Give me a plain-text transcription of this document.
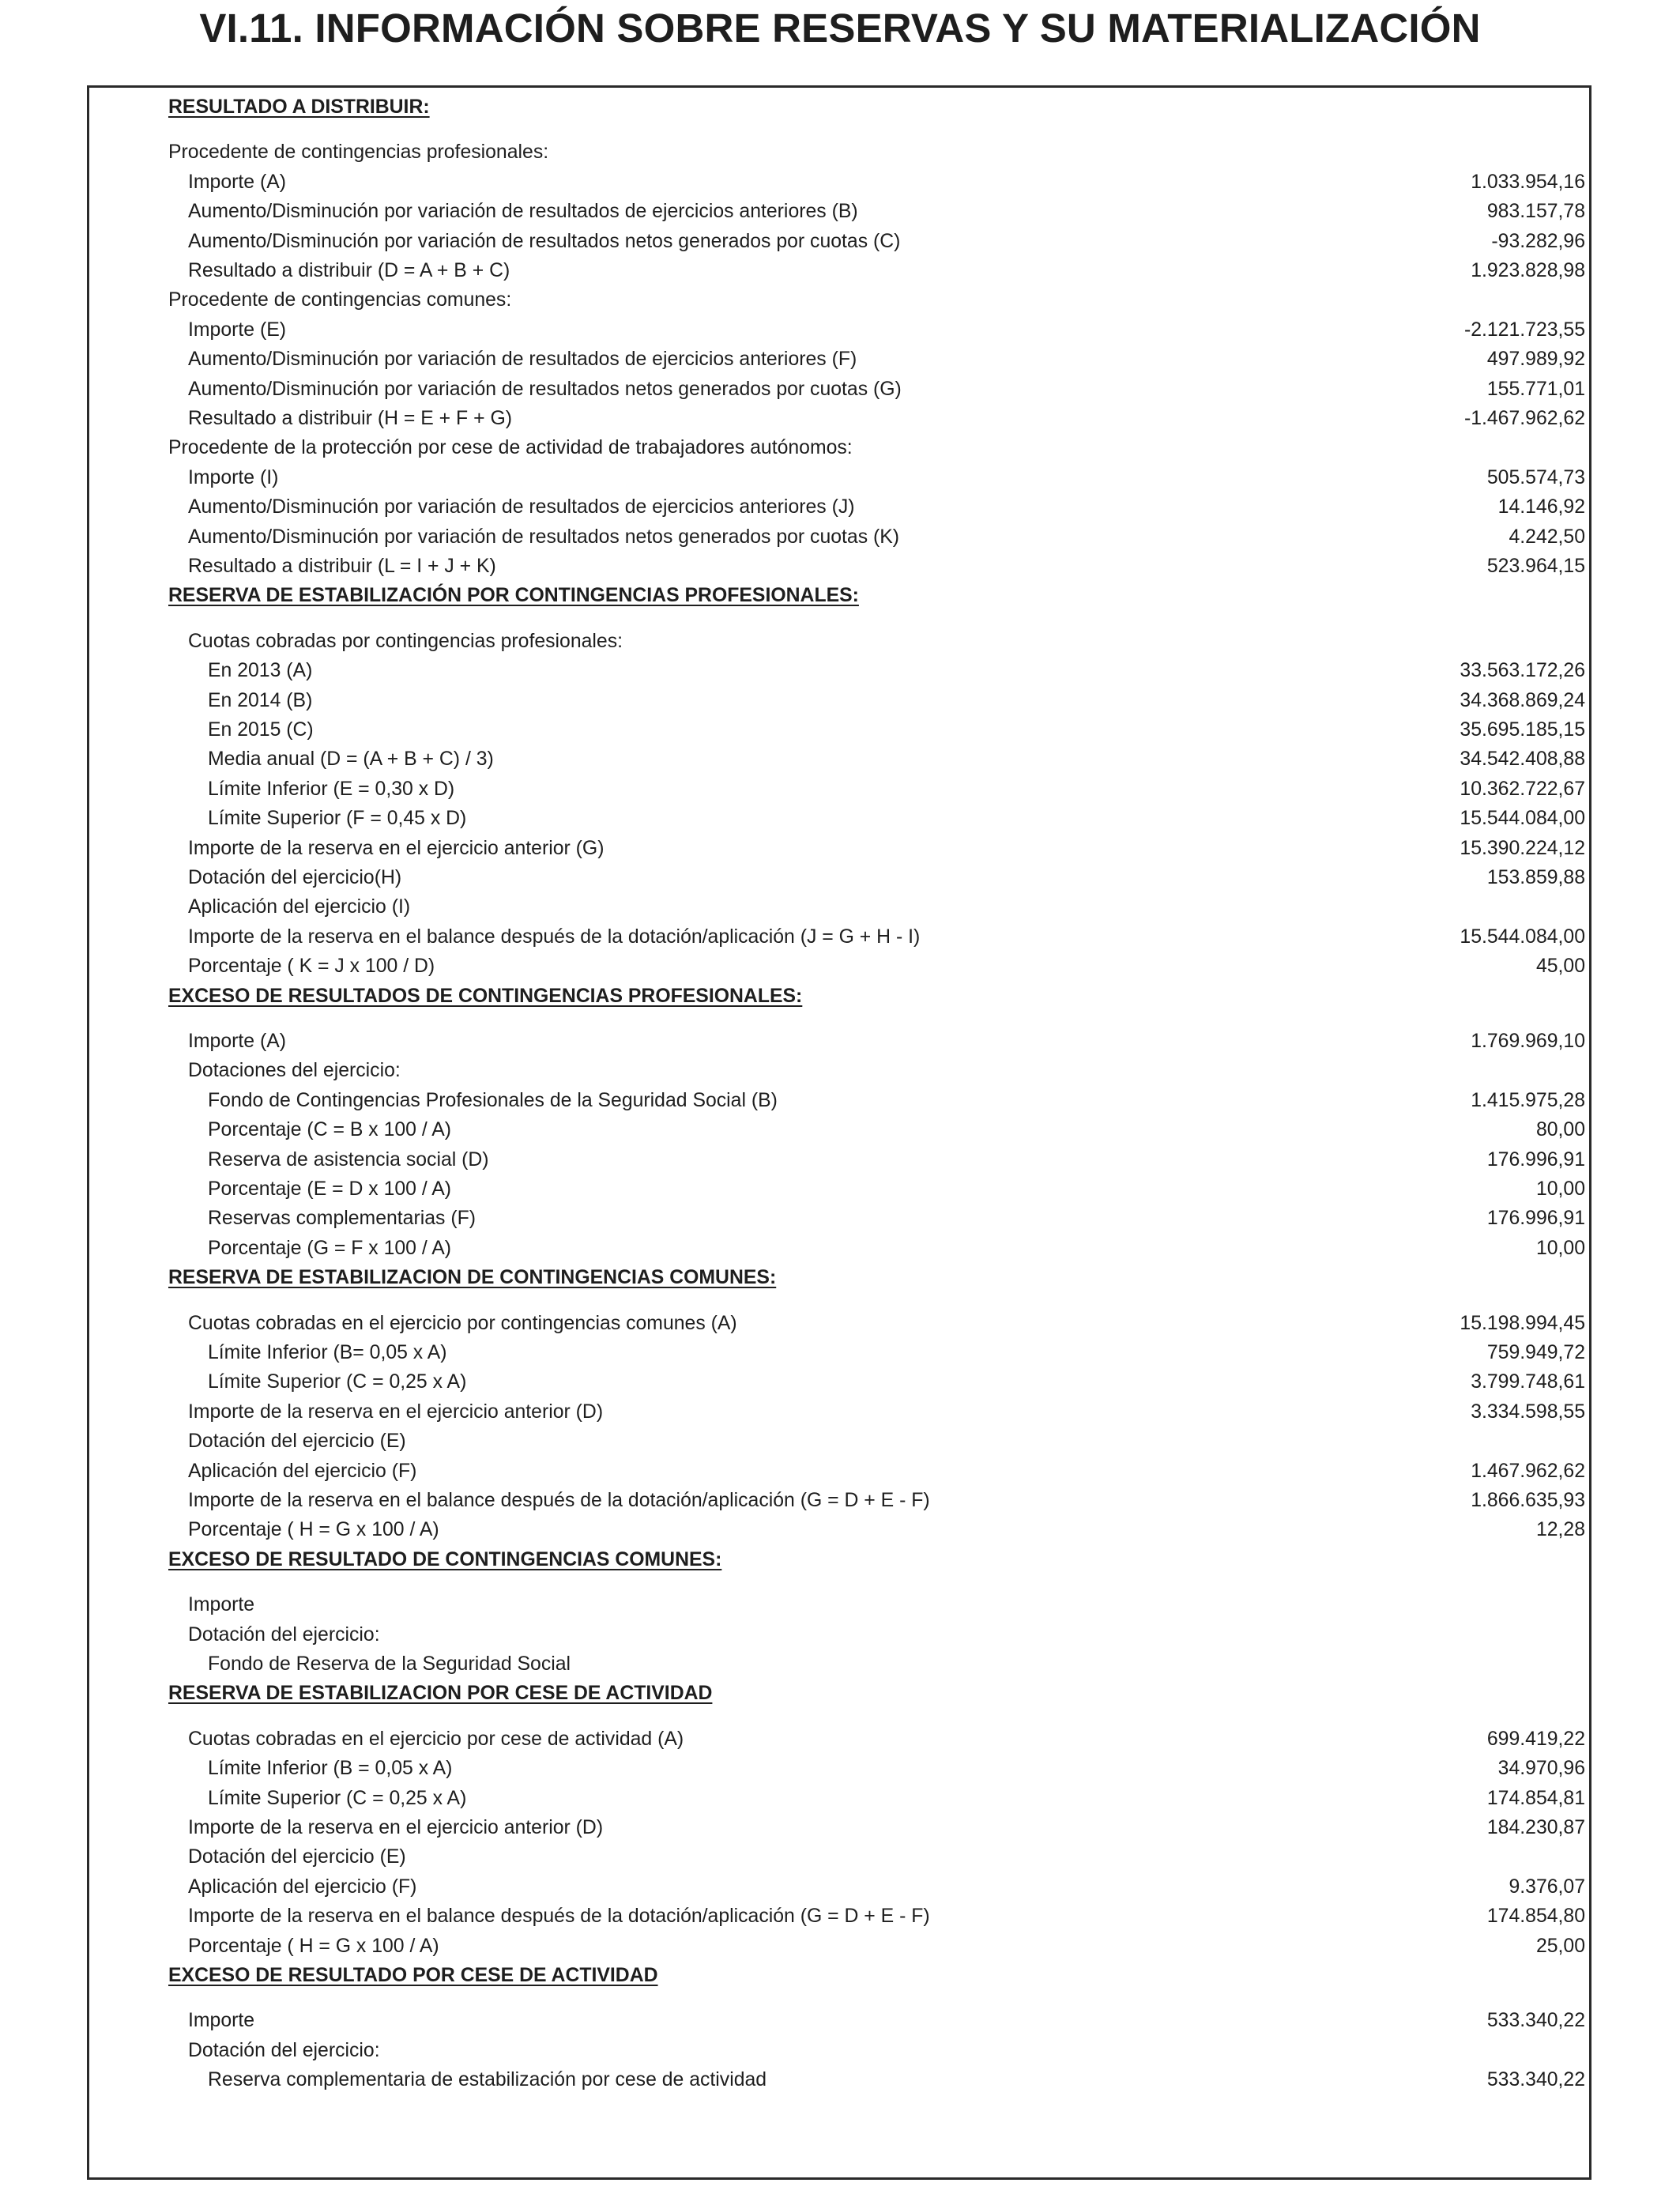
VI.11. INFORMACIÓN SOBRE RESERVAS Y SU MATERIALIZACIÓN
RESULTADO A DISTRIBUIR:
Procedente de contingencias profesionales:
Importe (A)	1.033.954,16
Aumento/Disminución por variación de resultados de ejercicios anteriores (B)	983.157,78
Aumento/Disminución por variación de resultados netos generados por cuotas (C)	-93.282,96
Resultado a distribuir (D = A + B + C)	1.923.828,98
Procedente de contingencias comunes:
Importe (E)	-2.121.723,55
Aumento/Disminución por variación de resultados de ejercicios anteriores (F)	497.989,92
Aumento/Disminución por variación de resultados netos generados por cuotas (G)	155.771,01
Resultado a distribuir (H = E + F + G)	-1.467.962,62
Procedente de la protección por cese de actividad de trabajadores autónomos:
Importe (I)	505.574,73
Aumento/Disminución por variación de resultados de ejercicios anteriores (J)	14.146,92
Aumento/Disminución por variación de resultados netos generados por cuotas (K)	4.242,50
Resultado a distribuir (L = I + J + K)	523.964,15
RESERVA DE ESTABILIZACIÓN POR CONTINGENCIAS PROFESIONALES:
Cuotas cobradas por contingencias profesionales:
En 2013 (A)	33.563.172,26
En 2014 (B)	34.368.869,24
En 2015 (C)	35.695.185,15
Media anual (D = (A + B + C) / 3)	34.542.408,88
Límite Inferior (E = 0,30 x D)	10.362.722,67
Límite Superior (F = 0,45 x D)	15.544.084,00
Importe de la reserva en el ejercicio anterior (G)	15.390.224,12
Dotación del ejercicio(H)	153.859,88
Aplicación del ejercicio (I)
Importe de la reserva en el balance después de la dotación/aplicación (J = G + H - I)	15.544.084,00
Porcentaje ( K = J x 100 / D)	45,00
EXCESO DE RESULTADOS DE CONTINGENCIAS PROFESIONALES:
Importe (A)	1.769.969,10
Dotaciones del ejercicio:
Fondo de Contingencias Profesionales de la Seguridad Social (B)	1.415.975,28
Porcentaje (C = B x 100 / A)	80,00
Reserva de asistencia social (D)	176.996,91
Porcentaje (E = D x 100 / A)	10,00
Reservas complementarias (F)	176.996,91
Porcentaje (G = F x 100 / A)	10,00
RESERVA DE ESTABILIZACION DE CONTINGENCIAS COMUNES:
Cuotas cobradas en el ejercicio por contingencias comunes (A)	15.198.994,45
Límite Inferior (B= 0,05 x A)	759.949,72
Límite Superior (C = 0,25 x A)	3.799.748,61
Importe de la reserva en el ejercicio anterior (D)	3.334.598,55
Dotación del ejercicio (E)
Aplicación del ejercicio (F)	1.467.962,62
Importe de la reserva en el balance después de la dotación/aplicación (G = D + E - F)	1.866.635,93
Porcentaje ( H = G x 100 / A)	12,28
EXCESO DE RESULTADO DE CONTINGENCIAS COMUNES:
Importe
Dotación del ejercicio:
Fondo de Reserva de la Seguridad Social
RESERVA DE ESTABILIZACION POR CESE DE ACTIVIDAD
Cuotas cobradas en el ejercicio por cese de actividad (A)	699.419,22
Límite Inferior (B = 0,05 x A)	34.970,96
Límite Superior (C = 0,25 x A)	174.854,81
Importe de la reserva en el ejercicio anterior (D)	184.230,87
Dotación del ejercicio (E)
Aplicación del ejercicio (F)	9.376,07
Importe de la reserva en el balance después de la dotación/aplicación (G = D + E - F)	174.854,80
Porcentaje ( H = G x 100 / A)	25,00
EXCESO DE RESULTADO POR CESE DE ACTIVIDAD
Importe	533.340,22
Dotación del ejercicio:
Reserva complementaria de estabilización por cese de actividad	533.340,22
